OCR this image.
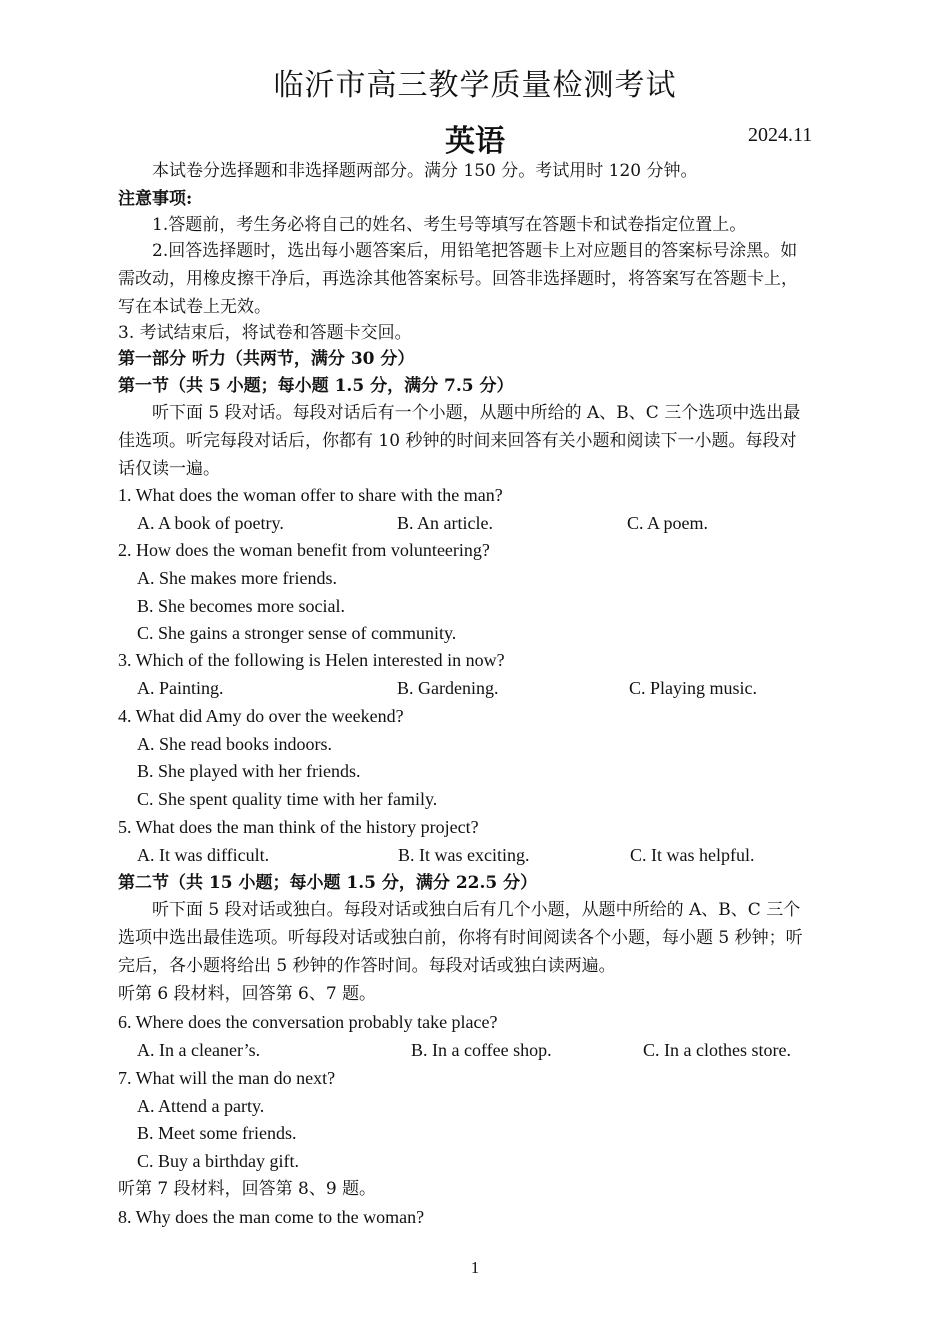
临沂市高三教学质量检测考试
英语	2024.11
本试卷分选择题和非选择题两部分。满分 150 分。考试用时 120 分钟。
注意事项:
1.答题前，考生务必将自己的姓名、考生号等填写在答题卡和试卷指定位置上。
2.回答选择题时，选出每小题答案后，用铅笔把答题卡上对应题目的答案标号涂黑。如
需改动，用橡皮擦干净后，再选涂其他答案标号。回答非选择题时，将答案写在答题卡上，
写在本试卷上无效。
3. 考试结束后，将试卷和答题卡交回。
第一部分 听力（共两节，满分 30 分）
第一节（共 5 小题；每小题 1.5 分，满分 7.5 分）
听下面 5 段对话。每段对话后有一个小题，从题中所给的 A、B、C 三个选项中选出最
佳选项。听完每段对话后，你都有 10 秒钟的时间来回答有关小题和阅读下一小题。每段对
话仅读一遍。
1. What does the woman offer to share with the man?
A. A book of poetry.	B. An article.	C. A poem.
2. How does the woman benefit from volunteering?
A. She makes more friends.
B. She becomes more social.
C. She gains a stronger sense of community.
3. Which of the following is Helen interested in now?
A. Painting.	B. Gardening.	C. Playing music.
4. What did Amy do over the weekend?
A. She read books indoors.
B. She played with her friends.
C. She spent quality time with her family.
5. What does the man think of the history project?
A. It was difficult.	B. It was exciting.	C. It was helpful.
第二节（共 15 小题；每小题 1.5 分，满分 22.5 分）
听下面 5 段对话或独白。每段对话或独白后有几个小题，从题中所给的 A、B、C 三个
选项中选出最佳选项。听每段对话或独白前，你将有时间阅读各个小题，每小题 5 秒钟；听
完后，各小题将给出 5 秒钟的作答时间。每段对话或独白读两遍。
听第 6 段材料，回答第 6、7 题。
6. Where does the conversation probably take place?
A. In a cleaner’s.	B. In a coffee shop.	C. In a clothes store.
7. What will the man do next?
A. Attend a party.
B. Meet some friends.
C. Buy a birthday gift.
听第 7 段材料，回答第 8、9 题。
8. Why does the man come to the woman?
1
